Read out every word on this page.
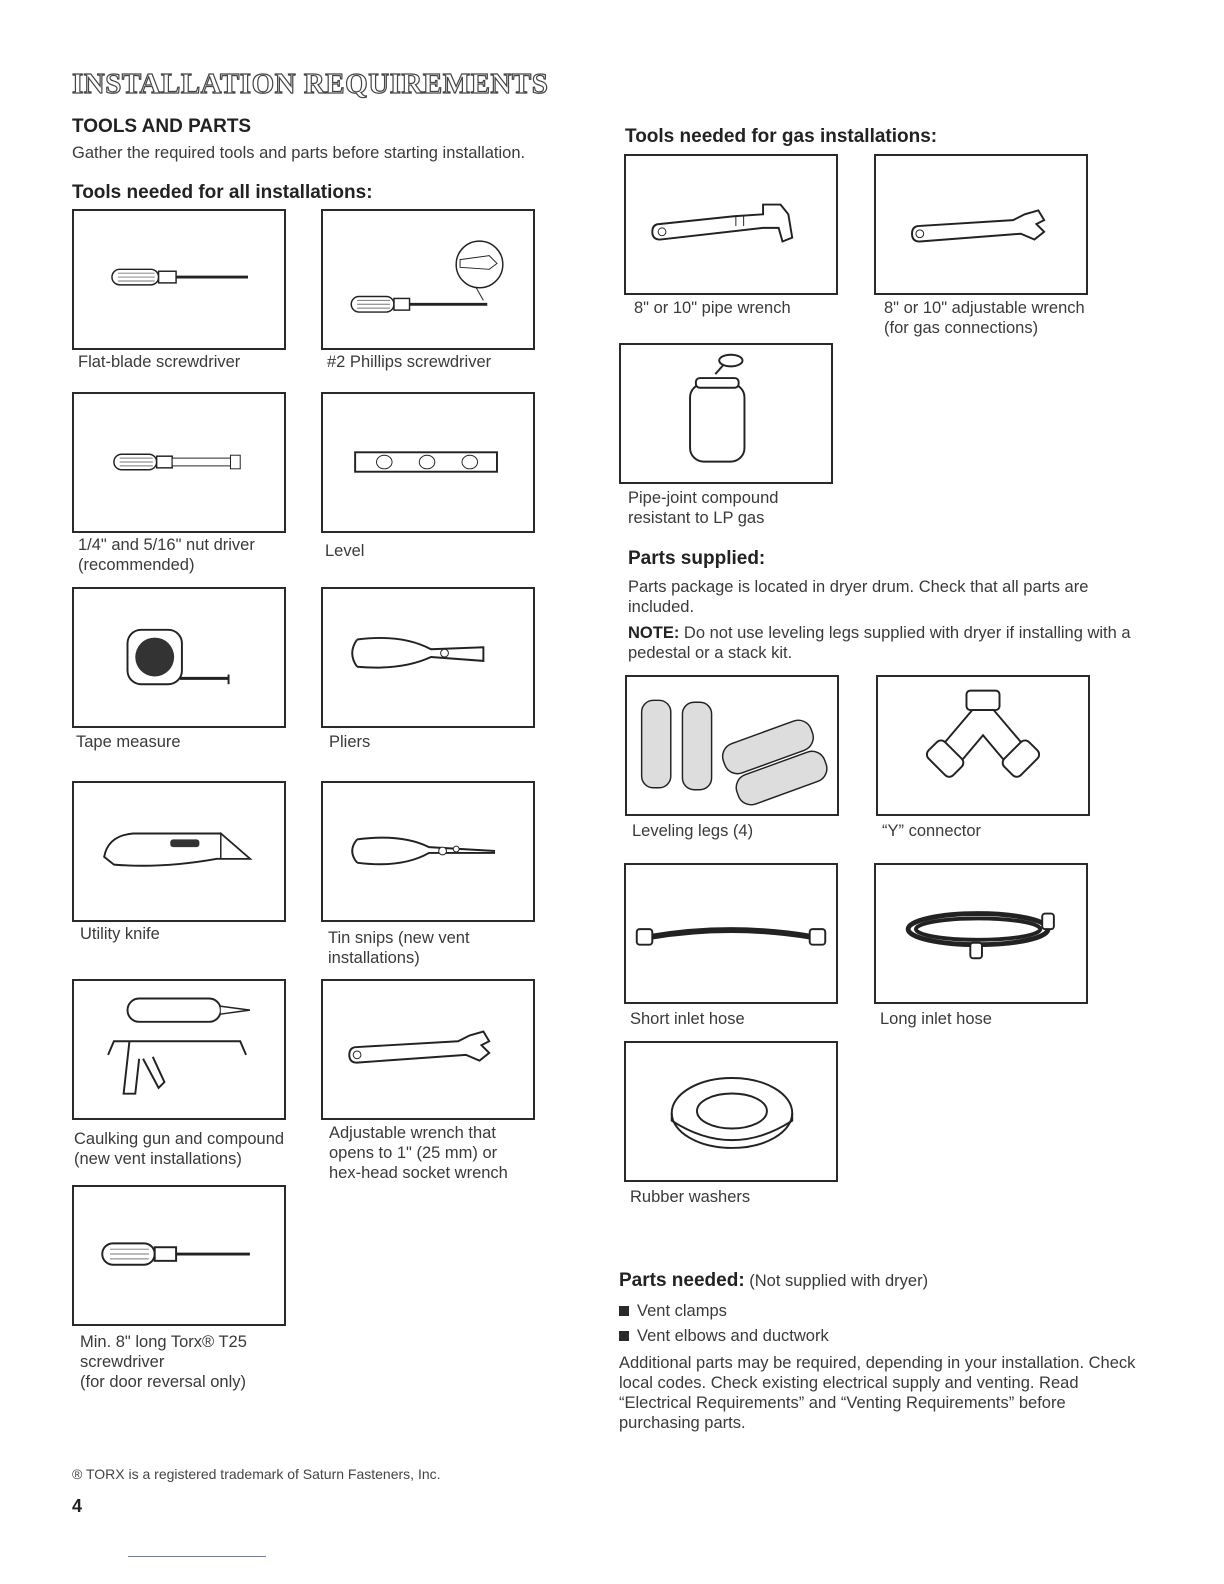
INSTALLATION REQUIREMENTS
TOOLS AND PARTS
Gather the required tools and parts before starting installation.
Tools needed for all installations:
Flat-blade screwdriver	#2 Phillips screwdriver
1/4" and 5/16" nut driver
(recommended)
Level
Tape measure	Pliers
Utility knife	Tin snips (new vent
installations)
Caulking gun and compound
(new vent installations)
Adjustable wrench that
opens to 1" (25 mm) or
hex-head socket wrench
Min. 8" long Torx® T25
screwdriver
(for door reversal only)
® TORX is a registered trademark of Saturn Fasteners, Inc.
4
Tools needed for gas installations:
8" or 10" pipe wrench	8" or 10" adjustable wrench
(for gas connections)
Pipe-joint compound
resistant to LP gas
Parts supplied:
Parts package is located in dryer drum. Check that all parts are included.
NOTE: Do not use leveling legs supplied with dryer if installing with a pedestal or a stack kit.
Leveling legs (4)	“Y” connector
Short inlet hose	Long inlet hose
Rubber washers
Parts needed: (Not supplied with dryer)
Vent clamps
Vent elbows and ductwork
Additional parts may be required, depending in your installation. Check local codes. Check existing electrical supply and venting. Read “Electrical Requirements” and “Venting Requirements” before purchasing parts.
